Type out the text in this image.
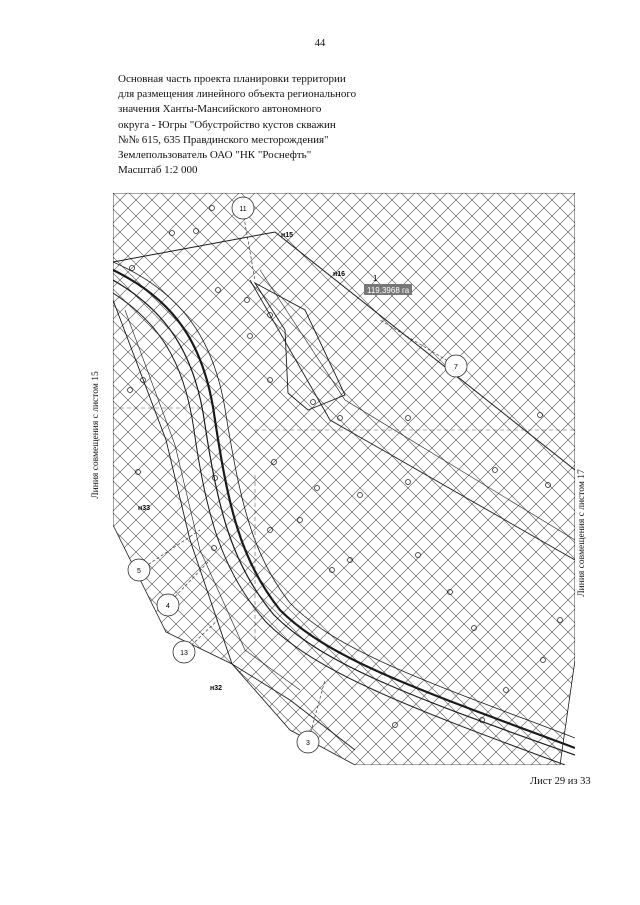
44
Основная часть проекта планировки территории
для размещения линейного объекта регионального
значения Ханты-Мансийского автономного
округа - Югры "Обустройство кустов скважин
№№ 615, 635 Правдинского месторождения"
Землепользователь ОАО "НК "Роснефть"
Масштаб 1:2 000
н15
н16
н33
н32
1
119,3968 га
11
7
5
4
13
3
Линия совмещения с листом 15
Линия совмещения с листом 17
Лист 29 из 33
